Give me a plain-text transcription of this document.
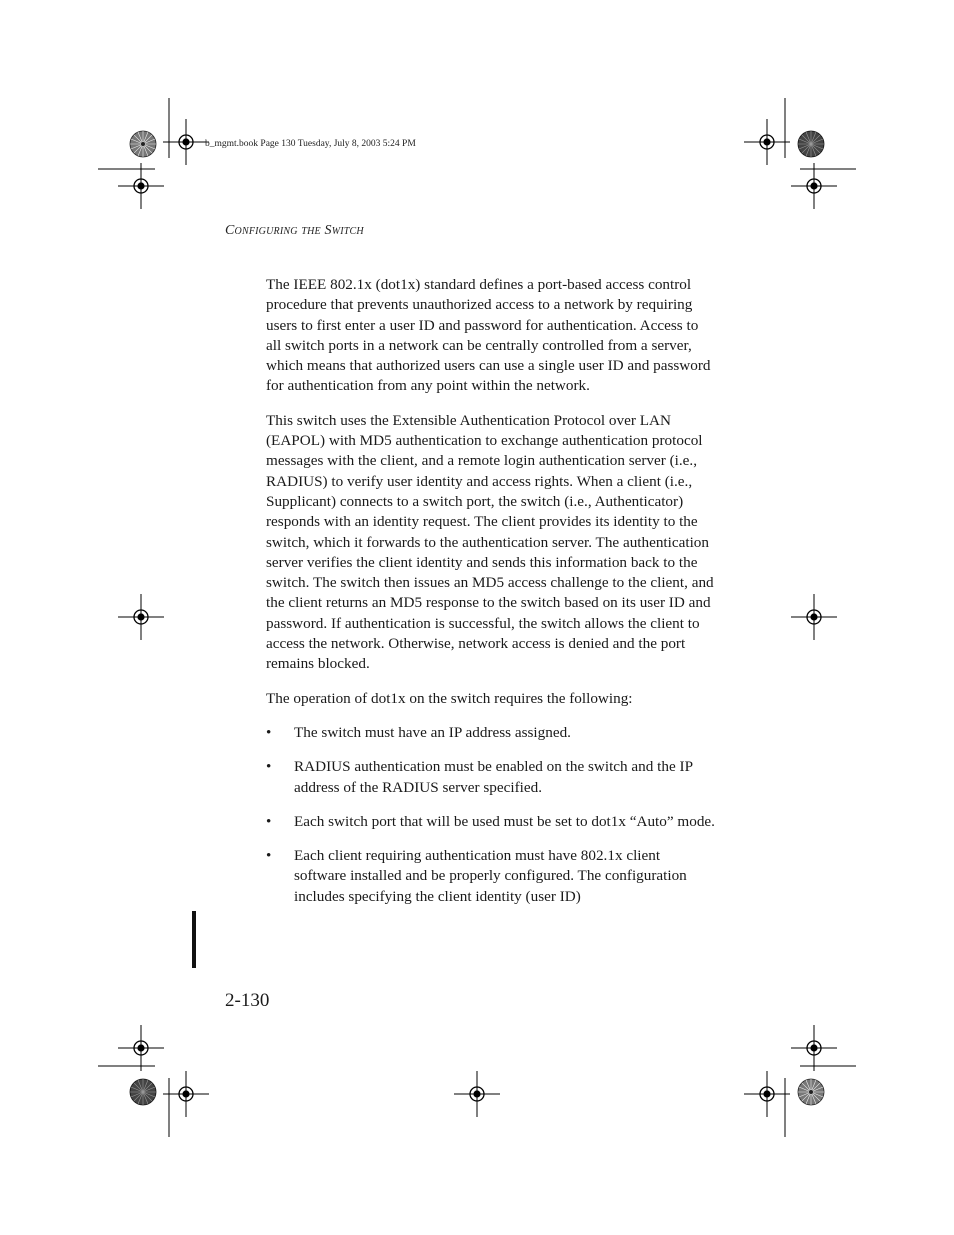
b_mgmt.book Page 130 Tuesday, July 8, 2003 5:24 PM
Configuring the Switch

The IEEE 802.1x (dot1x) standard defines a port-based access control procedure that prevents unauthorized access to a network by requiring users to first enter a user ID and password for authentication. Access to all switch ports in a network can be centrally controlled from a server, which means that authorized users can use a single user ID and password for authentication from any point within the network.

This switch uses the Extensible Authentication Protocol over LAN (EAPOL) with MD5 authentication to exchange authentication protocol messages with the client, and a remote login authentication server (i.e., RADIUS) to verify user identity and access rights. When a client (i.e., Supplicant) connects to a switch port, the switch (i.e., Authenticator) responds with an identity request. The client provides its identity to the switch, which it forwards to the authentication server. The authentication server verifies the client identity and sends this information back to the switch. The switch then issues an MD5 access challenge to the client, and the client returns an MD5 response to the switch based on its user ID and password. If authentication is successful, the switch allows the client to access the network. Otherwise, network access is denied and the port remains blocked.

The operation of dot1x on the switch requires the following:

• The switch must have an IP address assigned.
• RADIUS authentication must be enabled on the switch and the IP address of the RADIUS server specified.
• Each switch port that will be used must be set to dot1x “Auto” mode.
• Each client requiring authentication must have 802.1x client software installed and be properly configured. The configuration includes specifying the client identity (user ID)
2-130
